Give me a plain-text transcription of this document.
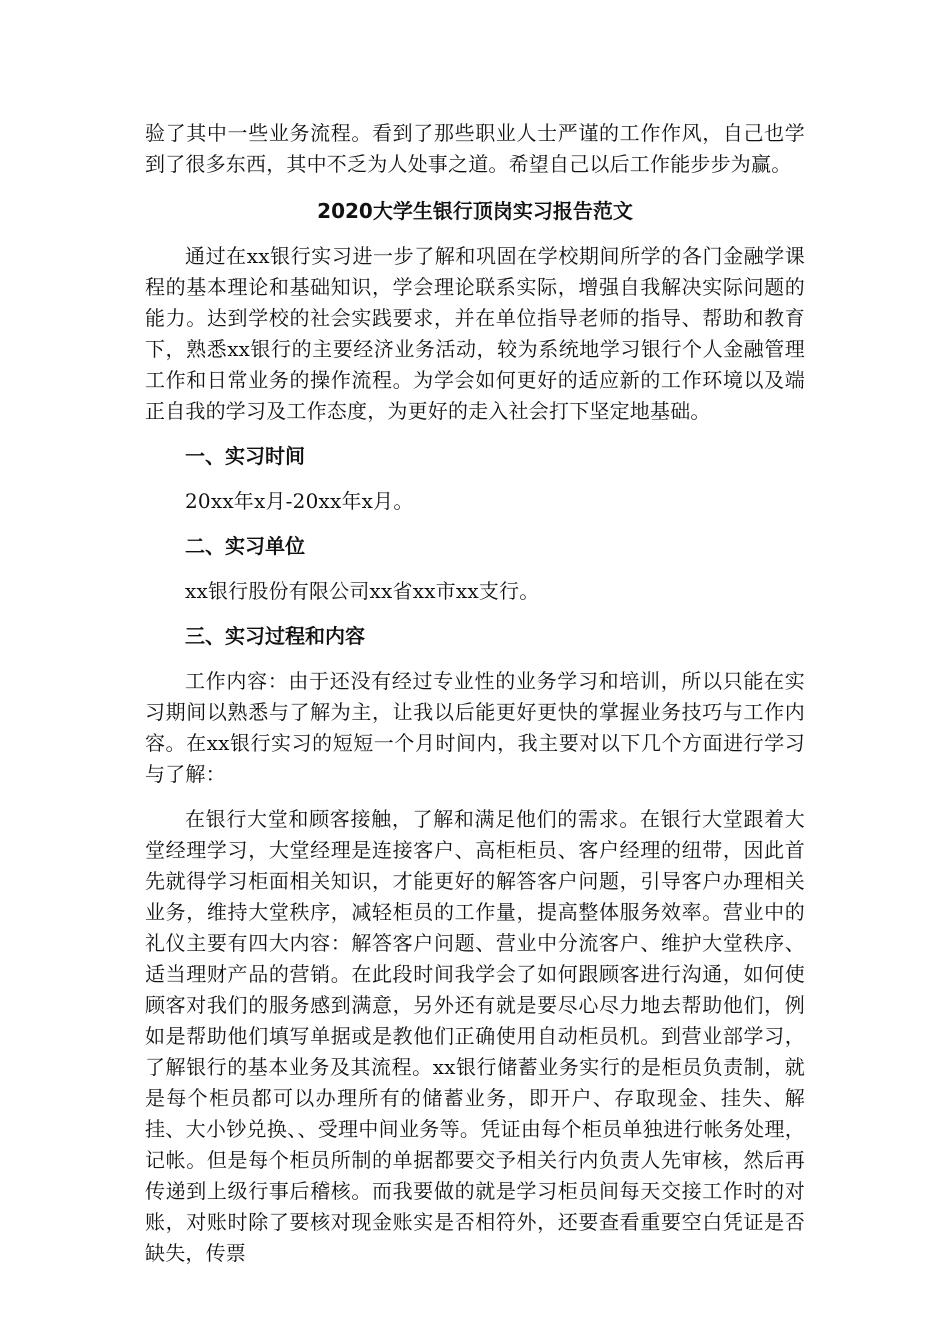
验了其中一些业务流程。看到了那些职业人士严谨的工作作风，自己也学到了很多东西，其中不乏为人处事之道。希望自己以后工作能步步为赢。

2020大学生银行顶岗实习报告范文

通过在xx银行实习进一步了解和巩固在学校期间所学的各门金融学课程的基本理论和基础知识，学会理论联系实际，增强自我解决实际问题的能力。达到学校的社会实践要求，并在单位指导老师的指导、帮助和教育下，熟悉xx银行的主要经济业务活动，较为系统地学习银行个人金融管理工作和日常业务的操作流程。为学会如何更好的适应新的工作环境以及端正自我的学习及工作态度，为更好的走入社会打下坚定地基础。

一、实习时间

20xx年x月-20xx年x月。

二、实习单位

xx银行股份有限公司xx省xx市xx支行。

三、实习过程和内容

工作内容：由于还没有经过专业性的业务学习和培训，所以只能在实习期间以熟悉与了解为主，让我以后能更好更快的掌握业务技巧与工作内容。在xx银行实习的短短一个月时间内，我主要对以下几个方面进行学习与了解：

在银行大堂和顾客接触，了解和满足他们的需求。在银行大堂跟着大堂经理学习，大堂经理是连接客户、高柜柜员、客户经理的纽带，因此首先就得学习柜面相关知识，才能更好的解答客户问题，引导客户办理相关业务，维持大堂秩序，减轻柜员的工作量，提高整体服务效率。营业中的礼仪主要有四大内容：解答客户问题、营业中分流客户、维护大堂秩序、适当理财产品的营销。在此段时间我学会了如何跟顾客进行沟通，如何使顾客对我们的服务感到满意，另外还有就是要尽心尽力地去帮助他们，例如是帮助他们填写单据或是教他们正确使用自动柜员机。到营业部学习，了解银行的基本业务及其流程。xx银行储蓄业务实行的是柜员负责制，就是每个柜员都可以办理所有的储蓄业务，即开户、存取现金、挂失、解挂、大小钞兑换、、受理中间业务等。凭证由每个柜员单独进行帐务处理，记帐。但是每个柜员所制的单据都要交予相关行内负责人先审核，然后再传递到上级行事后稽核。而我要做的就是学习柜员间每天交接工作时的对账，对账时除了要核对现金账实是否相符外，还要查看重要空白凭证是否缺失，传票
